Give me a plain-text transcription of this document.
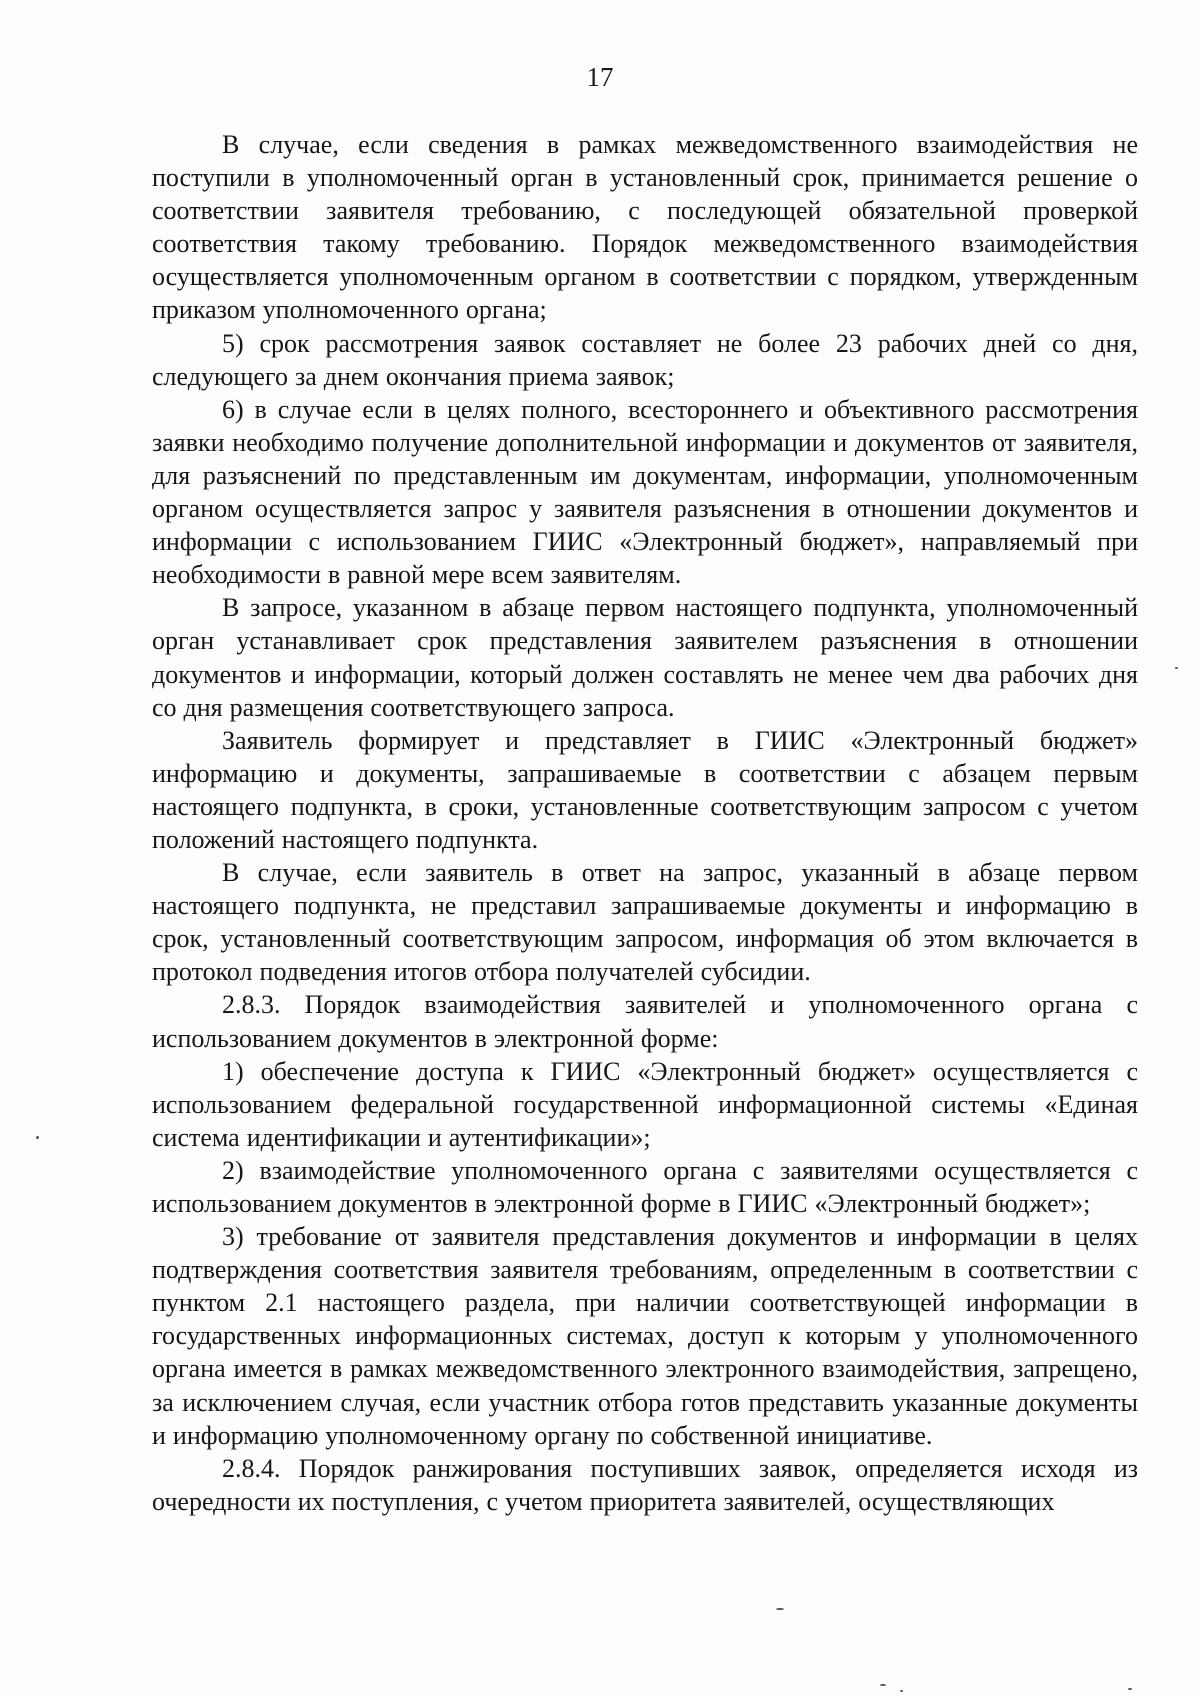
17

В случае, если сведения в рамках межведомственного взаимодействия не поступили в уполномоченный орган в установленный срок, принимается решение о соответствии заявителя требованию, с последующей обязательной проверкой соответствия такому требованию. Порядок межведомственного взаимодействия осуществляется уполномоченным органом в соответствии с порядком, утвержденным приказом уполномоченного органа;

5) срок рассмотрения заявок составляет не более 23 рабочих дней со дня, следующего за днем окончания приема заявок;

6) в случае если в целях полного, всестороннего и объективного рассмотрения заявки необходимо получение дополнительной информации и документов от заявителя, для разъяснений по представленным им документам, информации, уполномоченным органом осуществляется запрос у заявителя разъяснения в отношении документов и информации с использованием ГИИС «Электронный бюджет», направляемый при необходимости в равной мере всем заявителям.

В запросе, указанном в абзаце первом настоящего подпункта, уполномоченный орган устанавливает срок представления заявителем разъяснения в отношении документов и информации, который должен составлять не менее чем два рабочих дня со дня размещения соответствующего запроса.

Заявитель формирует и представляет в ГИИС «Электронный бюджет» информацию и документы, запрашиваемые в соответствии с абзацем первым настоящего подпункта, в сроки, установленные соответствующим запросом с учетом положений настоящего подпункта.

В случае, если заявитель в ответ на запрос, указанный в абзаце первом настоящего подпункта, не представил запрашиваемые документы и информацию в срок, установленный соответствующим запросом, информация об этом включается в протокол подведения итогов отбора получателей субсидии.

2.8.3. Порядок взаимодействия заявителей и уполномоченного органа с использованием документов в электронной форме:

1) обеспечение доступа к ГИИС «Электронный бюджет» осуществляется с использованием федеральной государственной информационной системы «Единая система идентификации и аутентификации»;

2) взаимодействие уполномоченного органа с заявителями осуществляется с использованием документов в электронной форме в ГИИС «Электронный бюджет»;

3) требование от заявителя представления документов и информации в целях подтверждения соответствия заявителя требованиям, определенным в соответствии с пунктом 2.1 настоящего раздела, при наличии соответствующей информации в государственных информационных системах, доступ к которым у уполномоченного органа имеется в рамках межведомственного электронного взаимодействия, запрещено, за исключением случая, если участник отбора готов представить указанные документы и информацию уполномоченному органу по собственной инициативе.

2.8.4. Порядок ранжирования поступивших заявок, определяется исходя из очередности их поступления, с учетом приоритета заявителей, осуществляющих
